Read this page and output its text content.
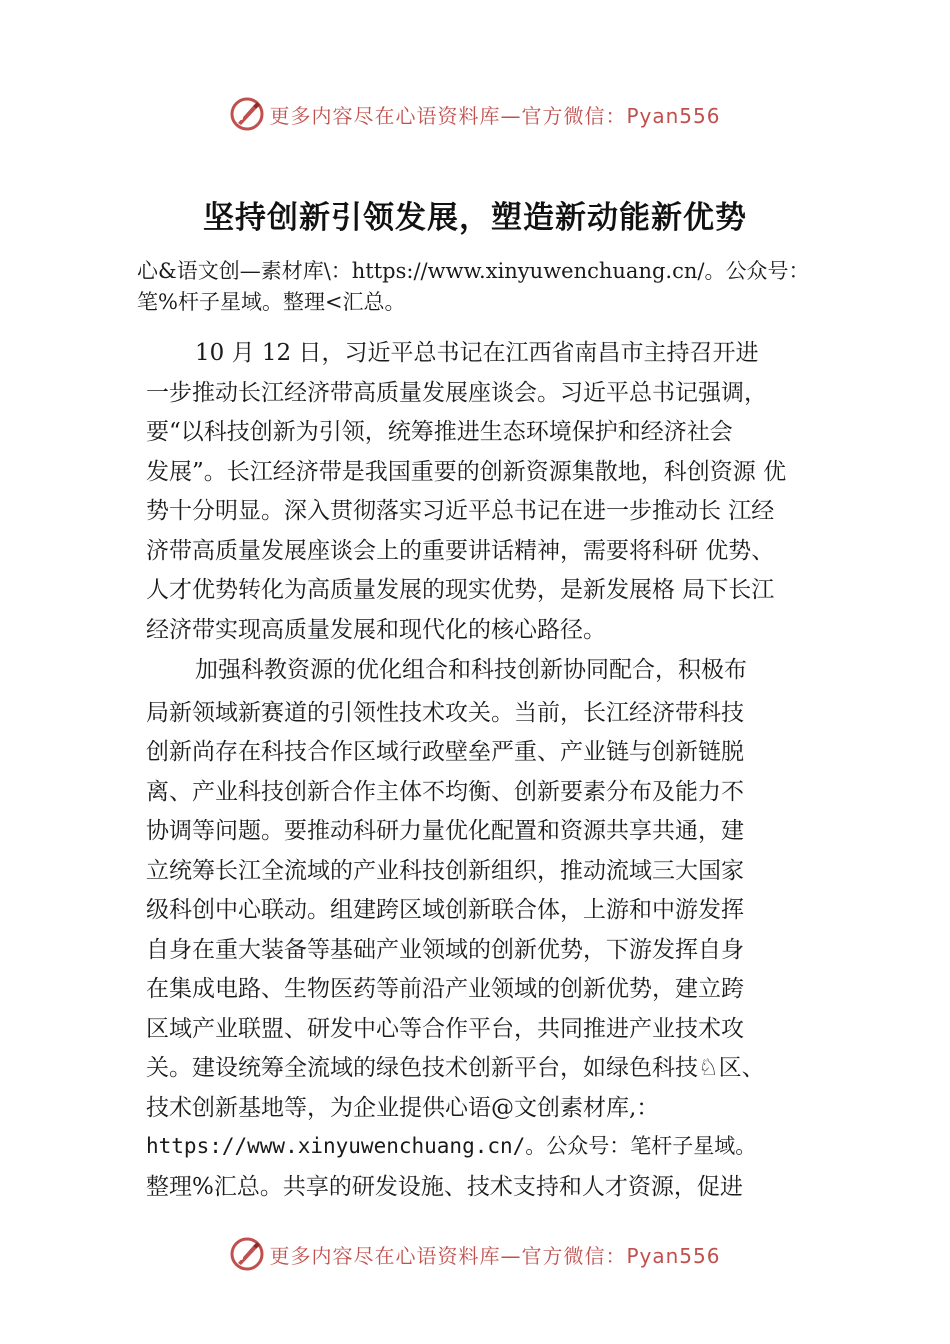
更多内容尽在心语资料库—官方微信：Pyan556
坚持创新引领发展，塑造新动能新优势

心&语文创—素材库\：https://www.xinyuwenchuang.cn/。公众号：笔%杆子星域。整理<汇总。

10 月 12 日，习近平总书记在江西省南昌市主持召开进
一步推动长江经济带高质量发展座谈会。习近平总书记强调，
要“以科技创新为引领，统筹推进生态环境保护和经济社会
发展”。长江经济带是我国重要的创新资源集散地，科创资源 优
势十分明显。深入贯彻落实习近平总书记在进一步推动长 江经
济带高质量发展座谈会上的重要讲话精神，需要将科研 优势、
人才优势转化为高质量发展的现实优势，是新发展格 局下长江
经济带实现高质量发展和现代化的核心路径。
加强科教资源的优化组合和科技创新协同配合，积极布
局新领域新赛道的引领性技术攻关。当前，长江经济带科技
创新尚存在科技合作区域行政壁垒严重、产业链与创新链脱
离、产业科技创新合作主体不均衡、创新要素分布及能力不
协调等问题。要推动科研力量优化配置和资源共享共通，建
立统筹长江全流域的产业科技创新组织，推动流域三大国家
级科创中心联动。组建跨区域创新联合体，上游和中游发挥
自身在重大装备等基础产业领域的创新优势，下游发挥自身
在集成电路、生物医药等前沿产业领域的创新优势，建立跨
区域产业联盟、研发中心等合作平台，共同推进产业技术攻
关。建设统筹全流域的绿色技术创新平台，如绿色科技♘区、
技术创新基地等，为企业提供心语@文创素材库,：
https://www.xinyuwenchuang.cn/。公众号：笔杆子星域。
整理%汇总。共享的研发设施、技术支持和人才资源，促进
更多内容尽在心语资料库—官方微信：Pyan556
